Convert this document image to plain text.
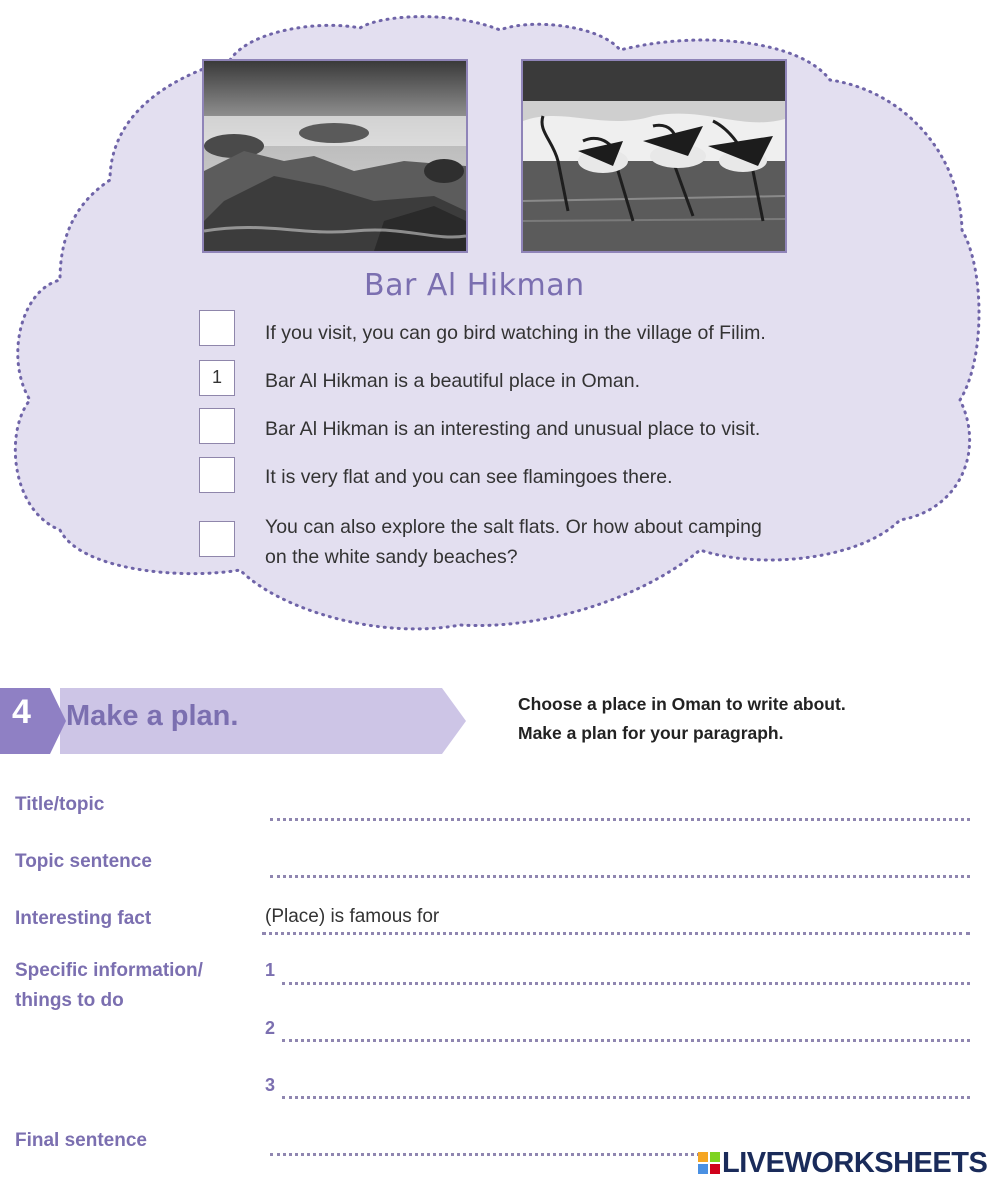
Bar Al Hikman
If you visit, you can go bird watching in the village of Filim.
1	Bar Al Hikman is a beautiful place in Oman.
Bar Al Hikman is an interesting and unusual place to visit.
It is very flat and you can see flamingoes there.
You can also explore the salt flats. Or how about camping
on the white sandy beaches?
4 Make a plan.	Choose a place in Oman to write about.
Make a plan for your paragraph.
Title/topic
Topic sentence
Interesting fact	(Place) is famous for
Specific information/
things to do
1
2
3
Final sentence
LIVEWORKSHEETS
